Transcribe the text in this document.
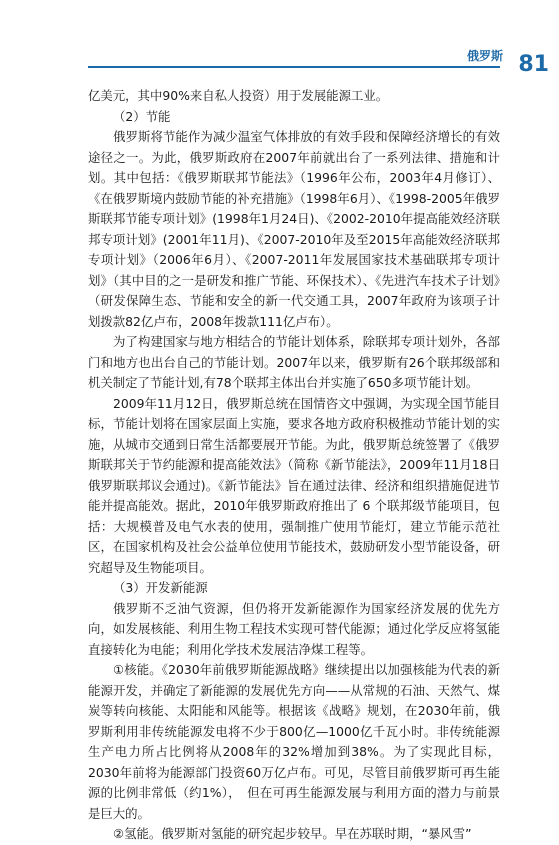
俄罗斯 81

亿美元，其中90%来自私人投资）用于发展能源工业。

（2）节能

俄罗斯将节能作为减少温室气体排放的有效手段和保障经济增长的有效途径之一。为此，俄罗斯政府在2007年前就出台了一系列法律、措施和计划。其中包括：《俄罗斯联邦节能法》（1996年公布，2003年4月修订）、《在俄罗斯境内鼓励节能的补充措施》（1998年6月）、《1998-2005年俄罗斯联邦节能专项计划》(1998年1月24日)、《2002-2010年提高能效经济联邦专项计划》(2001年11月)、《2007-2010年及至2015年高能效经济联邦专项计划》（2006年6月）、《2007-2011年发展国家技术基础联邦专项计划》（其中目的之一是研发和推广节能、环保技术）、《先进汽车技术子计划》（研发保障生态、节能和安全的新一代交通工具，2007年政府为该项子计划拨款82亿卢布，2008年拨款111亿卢布）。

为了构建国家与地方相结合的节能计划体系，除联邦专项计划外，各部门和地方也出台自己的节能计划。2007年以来，俄罗斯有26个联邦级部和机关制定了节能计划,有78个联邦主体出台并实施了650多项节能计划。

2009年11月12日，俄罗斯总统在国情咨文中强调，为实现全国节能目标，节能计划将在国家层面上实施，要求各地方政府积极推动节能计划的实施，从城市交通到日常生活都要展开节能。为此，俄罗斯总统签署了《俄罗斯联邦关于节约能源和提高能效法》（简称《新节能法》，2009年11月18日俄罗斯联邦议会通过)。《新节能法》旨在通过法律、经济和组织措施促进节能并提高能效。据此，2010年俄罗斯政府推出了 6 个联邦级节能项目，包括：大规模普及电气水表的使用，强制推广使用节能灯，建立节能示范社区，在国家机构及社会公益单位使用节能技术，鼓励研发小型节能设备，研究超导及生物能项目。

（3）开发新能源

俄罗斯不乏油气资源，但仍将开发新能源作为国家经济发展的优先方向，如发展核能、利用生物工程技术实现可替代能源；通过化学反应将氢能直接转化为电能；利用化学技术发展洁净煤工程等。

①核能。《2030年前俄罗斯能源战略》继续提出以加强核能为代表的新能源开发，并确定了新能源的发展优先方向——从常规的石油、天然气、煤炭等转向核能、太阳能和风能等。根据该《战略》规划，在2030年前，俄罗斯利用非传统能源发电将不少于800亿—1000亿千瓦小时。非传统能源生产电力所占比例将从2008年的32%增加到38%。为了实现此目标，2030年前将为能源部门投资60万亿卢布。可见，尽管目前俄罗斯可再生能源的比例非常低（约1%），　但在可再生能源发展与利用方面的潜力与前景是巨大的。

②氢能。俄罗斯对氢能的研究起步较早。早在苏联时期，“暴风雪”
